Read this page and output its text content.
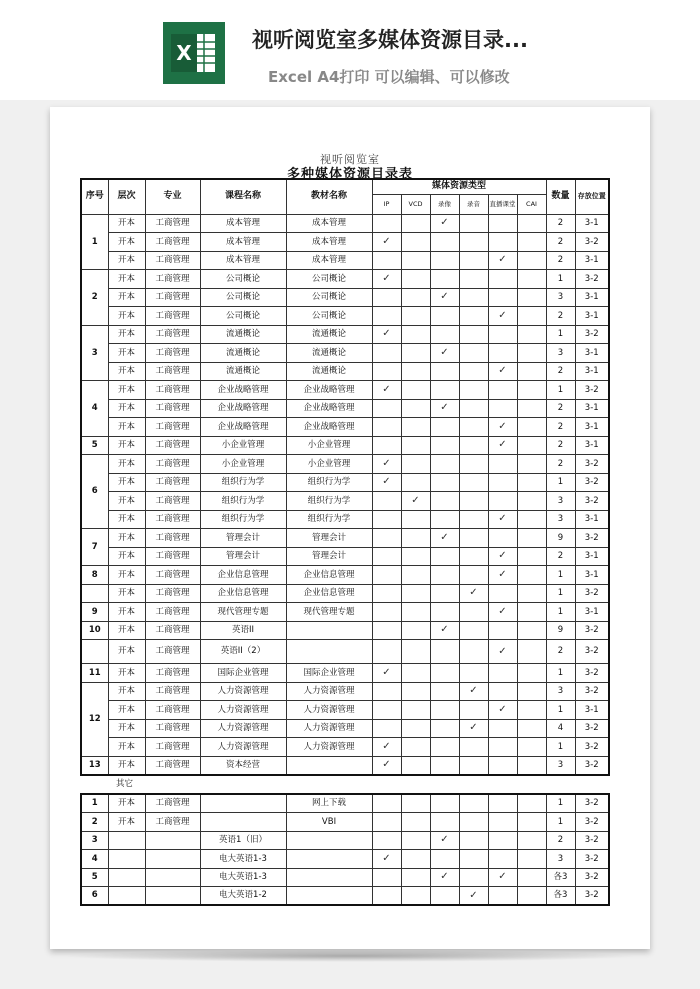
X
视听阅览室多媒体资源目录...
Excel A4打印 可以编辑、可以修改
视听阅览室
多种媒体资源目录表
序号	层次	专业	课程名称	教材名称	媒体资源类型						数量	存放位置
					IP	VCD	录像	录音	直播课堂	CAI		
1	开本	工商管理	成本管理	成本管理			✓				2	3-1
	开本	工商管理	成本管理	成本管理	✓						2	3-2
	开本	工商管理	成本管理	成本管理					✓		2	3-1
2	开本	工商管理	公司概论	公司概论	✓						1	3-2
	开本	工商管理	公司概论	公司概论			✓				3	3-1
	开本	工商管理	公司概论	公司概论					✓		2	3-1
3	开本	工商管理	流通概论	流通概论	✓						1	3-2
	开本	工商管理	流通概论	流通概论			✓				3	3-1
	开本	工商管理	流通概论	流通概论					✓		2	3-1
4	开本	工商管理	企业战略管理	企业战略管理	✓						1	3-2
	开本	工商管理	企业战略管理	企业战略管理			✓				2	3-1
	开本	工商管理	企业战略管理	企业战略管理					✓		2	3-1
5	开本	工商管理	小企业管理	小企业管理					✓		2	3-1
6	开本	工商管理	小企业管理	小企业管理	✓						2	3-2
	开本	工商管理	组织行为学	组织行为学	✓						1	3-2
	开本	工商管理	组织行为学	组织行为学		✓					3	3-2
	开本	工商管理	组织行为学	组织行为学					✓		3	3-1
7	开本	工商管理	管理会计	管理会计			✓				9	3-2
	开本	工商管理	管理会计	管理会计					✓		2	3-1
8	开本	工商管理	企业信息管理	企业信息管理					✓		1	3-1
	开本	工商管理	企业信息管理	企业信息管理				✓			1	3-2
9	开本	工商管理	现代管理专题	现代管理专题					✓		1	3-1
10	开本	工商管理	英语II				✓				9	3-2
	开本	工商管理	英语II（2）						✓		2	3-2
11	开本	工商管理	国际企业管理	国际企业管理	✓						1	3-2
12	开本	工商管理	人力资源管理	人力资源管理				✓			3	3-2
	开本	工商管理	人力资源管理	人力资源管理					✓		1	3-1
	开本	工商管理	人力资源管理	人力资源管理				✓			4	3-2
	开本	工商管理	人力资源管理	人力资源管理	✓						1	3-2
13	开本	工商管理	资本经营		✓						3	3-2
其它
1	开本	工商管理		网上下载							1	3-2
2	开本	工商管理		VBI							1	3-2
3			英语1（旧）				✓				2	3-2
4			电大英语1-3		✓						3	3-2
5			电大英语1-3				✓		✓		各3	3-2
6			电大英语1-2					✓			各3	3-2
